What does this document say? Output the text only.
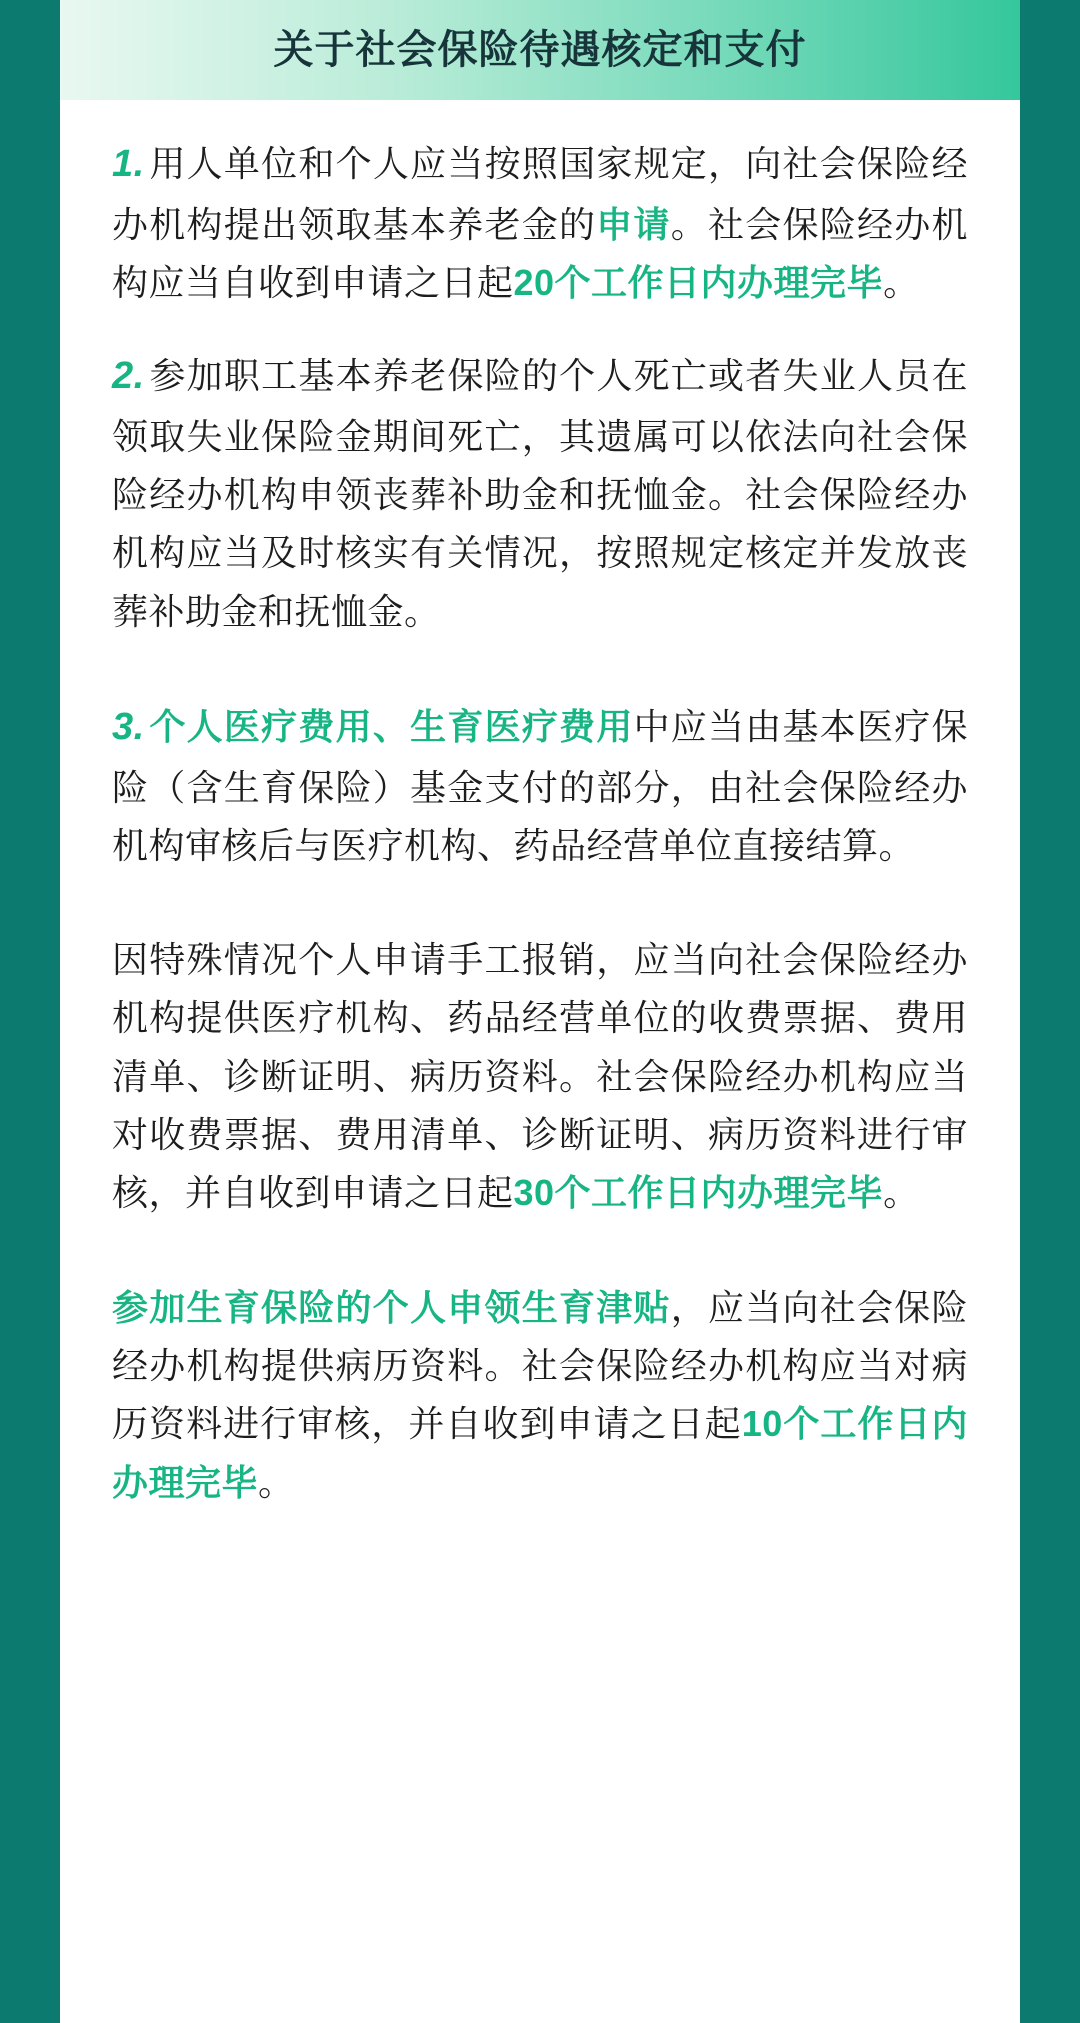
关于社会保险待遇核定和支付

1. 用人单位和个人应当按照国家规定，向社会保险经办机构提出领取基本养老金的申请。社会保险经办机构应当自收到申请之日起20个工作日内办理完毕。

2. 参加职工基本养老保险的个人死亡或者失业人员在领取失业保险金期间死亡，其遗属可以依法向社会保险经办机构申领丧葬补助金和抚恤金。社会保险经办机构应当及时核实有关情况，按照规定核定并发放丧葬补助金和抚恤金。

3. 个人医疗费用、生育医疗费用中应当由基本医疗保险（含生育保险）基金支付的部分，由社会保险经办机构审核后与医疗机构、药品经营单位直接结算。

因特殊情况个人申请手工报销，应当向社会保险经办机构提供医疗机构、药品经营单位的收费票据、费用清单、诊断证明、病历资料。社会保险经办机构应当对收费票据、费用清单、诊断证明、病历资料进行审核，并自收到申请之日起30个工作日内办理完毕。

参加生育保险的个人申领生育津贴，应当向社会保险经办机构提供病历资料。社会保险经办机构应当对病历资料进行审核，并自收到申请之日起10个工作日内办理完毕。
